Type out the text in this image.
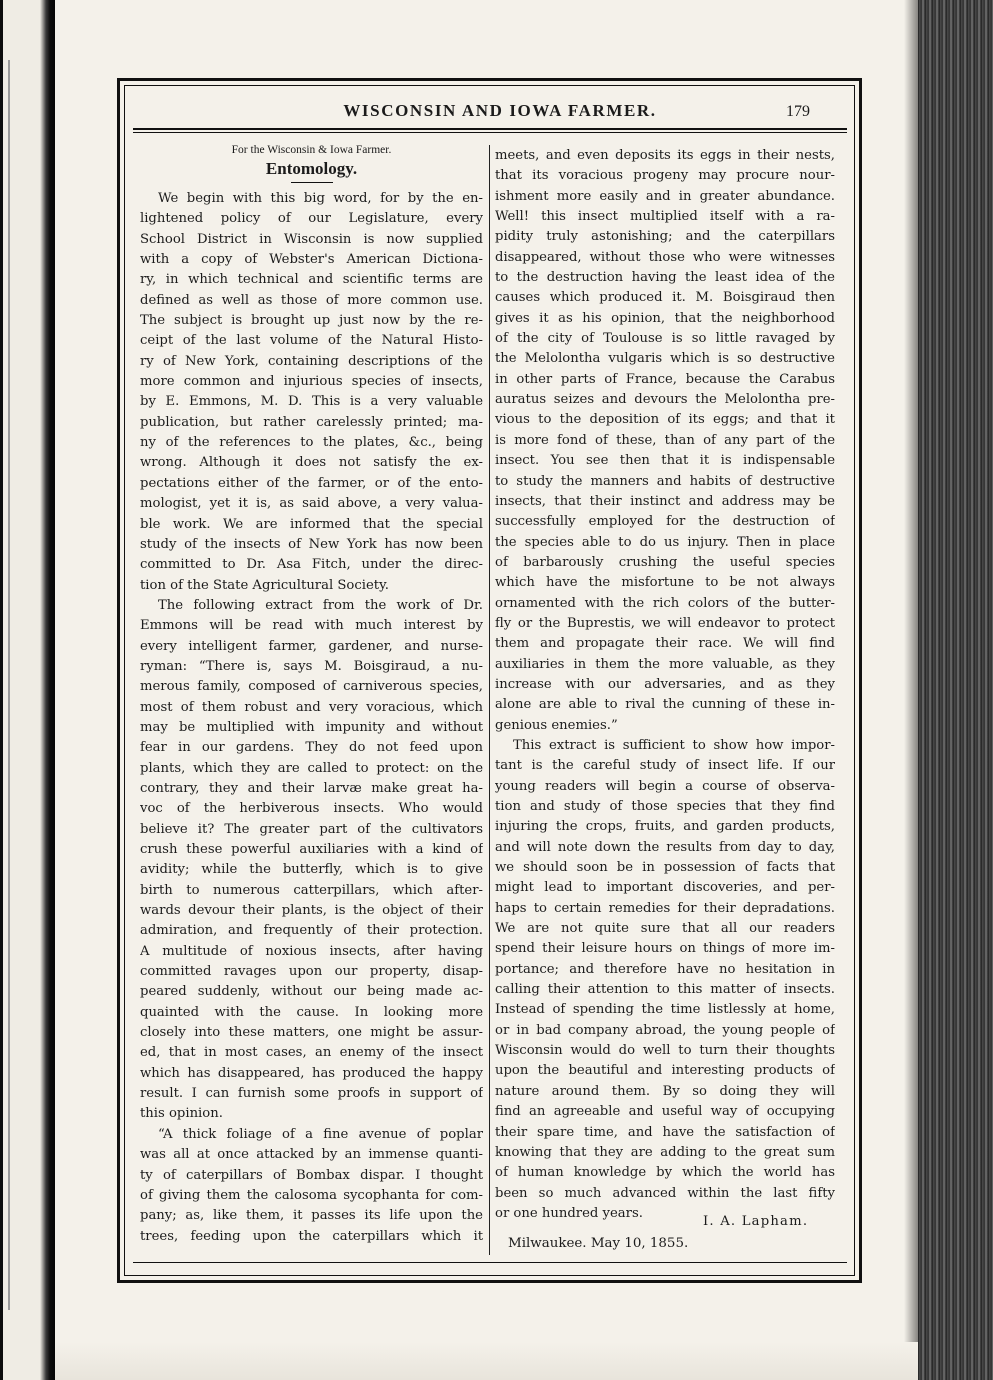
WISCONSIN AND IOWA FARMER.	179
For the Wisconsin & Iowa Farmer.
Entomology.
We begin with this big word, for by the en-
lightened policy of our Legislature, every
School District in Wisconsin is now supplied
with a copy of Webster's American Dictiona-
ry, in which technical and scientific terms are
defined as well as those of more common use.
The subject is brought up just now by the re-
ceipt of the last volume of the Natural Histo-
ry of New York, containing descriptions of the
more common and injurious species of insects,
by E. Emmons, M. D. This is a very valuable
publication, but rather carelessly printed; ma-
ny of the references to the plates, &c., being
wrong. Although it does not satisfy the ex-
pectations either of the farmer, or of the ento-
mologist, yet it is, as said above, a very valua-
ble work. We are informed that the special
study of the insects of New York has now been
committed to Dr. Asa Fitch, under the direc-
tion of the State Agricultural Society.
The following extract from the work of Dr.
Emmons will be read with much interest by
every intelligent farmer, gardener, and nurse-
ryman: “There is, says M. Boisgiraud, a nu-
merous family, composed of carniverous species,
most of them robust and very voracious, which
may be multiplied with impunity and without
fear in our gardens. They do not feed upon
plants, which they are called to protect: on the
contrary, they and their larvæ make great ha-
voc of the herbiverous insects. Who would
believe it? The greater part of the cultivators
crush these powerful auxiliaries with a kind of
avidity; while the butterfly, which is to give
birth to numerous catterpillars, which after-
wards devour their plants, is the object of their
admiration, and frequently of their protection.
A multitude of noxious insects, after having
committed ravages upon our property, disap-
peared suddenly, without our being made ac-
quainted with the cause. In looking more
closely into these matters, one might be assur-
ed, that in most cases, an enemy of the insect
which has disappeared, has produced the happy
result. I can furnish some proofs in support of
this opinion.
“A thick foliage of a fine avenue of poplar
was all at once attacked by an immense quanti-
ty of caterpillars of Bombax dispar. I thought
of giving them the calosoma sycophanta for com-
pany; as, like them, it passes its life upon the
trees, feeding upon the caterpillars which it
meets, and even deposits its eggs in their nests,
that its voracious progeny may procure nour-
ishment more easily and in greater abundance.
Well! this insect multiplied itself with a ra-
pidity truly astonishing; and the caterpillars
disappeared, without those who were witnesses
to the destruction having the least idea of the
causes which produced it. M. Boisgiraud then
gives it as his opinion, that the neighborhood
of the city of Toulouse is so little ravaged by
the Melolontha vulgaris which is so destructive
in other parts of France, because the Carabus
auratus seizes and devours the Melolontha pre-
vious to the deposition of its eggs; and that it
is more fond of these, than of any part of the
insect. You see then that it is indispensable
to study the manners and habits of destructive
insects, that their instinct and address may be
successfully employed for the destruction of
the species able to do us injury. Then in place
of barbarously crushing the useful species
which have the misfortune to be not always
ornamented with the rich colors of the butter-
fly or the Buprestis, we will endeavor to protect
them and propagate their race. We will find
auxiliaries in them the more valuable, as they
increase with our adversaries, and as they
alone are able to rival the cunning of these in-
genious enemies.”
This extract is sufficient to show how impor-
tant is the careful study of insect life. If our
young readers will begin a course of observa-
tion and study of those species that they find
injuring the crops, fruits, and garden products,
and will note down the results from day to day,
we should soon be in possession of facts that
might lead to important discoveries, and per-
haps to certain remedies for their depradations.
We are not quite sure that all our readers
spend their leisure hours on things of more im-
portance; and therefore have no hesitation in
calling their attention to this matter of insects.
Instead of spending the time listlessly at home,
or in bad company abroad, the young people of
Wisconsin would do well to turn their thoughts
upon the beautiful and interesting products of
nature around them. By so doing they will
find an agreeable and useful way of occupying
their spare time, and have the satisfaction of
knowing that they are adding to the great sum
of human knowledge by which the world has
been so much advanced within the last fifty
or one hundred years.
I. A. Lapham.
Milwaukee. May 10, 1855.
